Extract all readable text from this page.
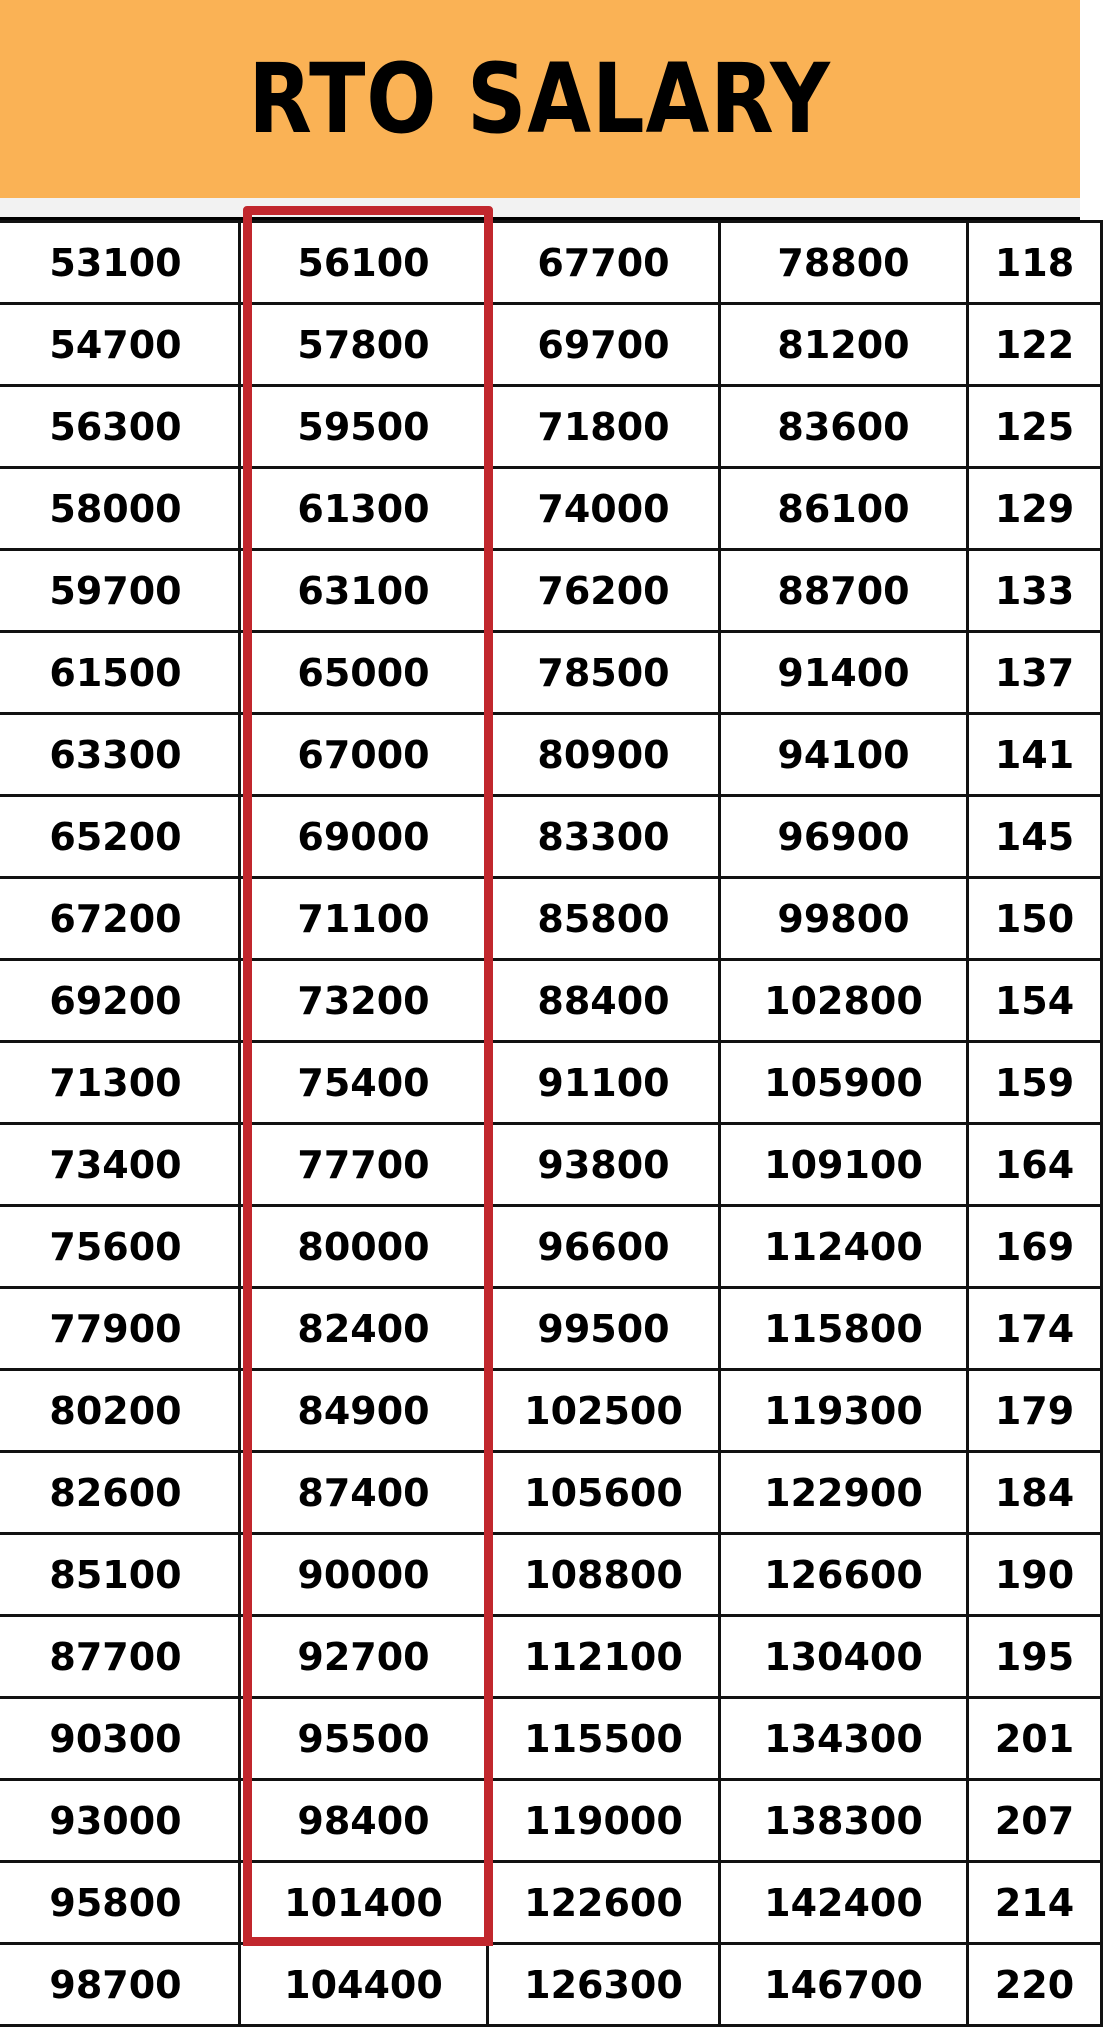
RTO SALARY
53100	56100	67700	78800	118
54700	57800	69700	81200	122
56300	59500	71800	83600	125
58000	61300	74000	86100	129
59700	63100	76200	88700	133
61500	65000	78500	91400	137
63300	67000	80900	94100	141
65200	69000	83300	96900	145
67200	71100	85800	99800	150
69200	73200	88400	102800	154
71300	75400	91100	105900	159
73400	77700	93800	109100	164
75600	80000	96600	112400	169
77900	82400	99500	115800	174
80200	84900	102500	119300	179
82600	87400	105600	122900	184
85100	90000	108800	126600	190
87700	92700	112100	130400	195
90300	95500	115500	134300	201
93000	98400	119000	138300	207
95800	101400	122600	142400	214
98700	104400	126300	146700	220
